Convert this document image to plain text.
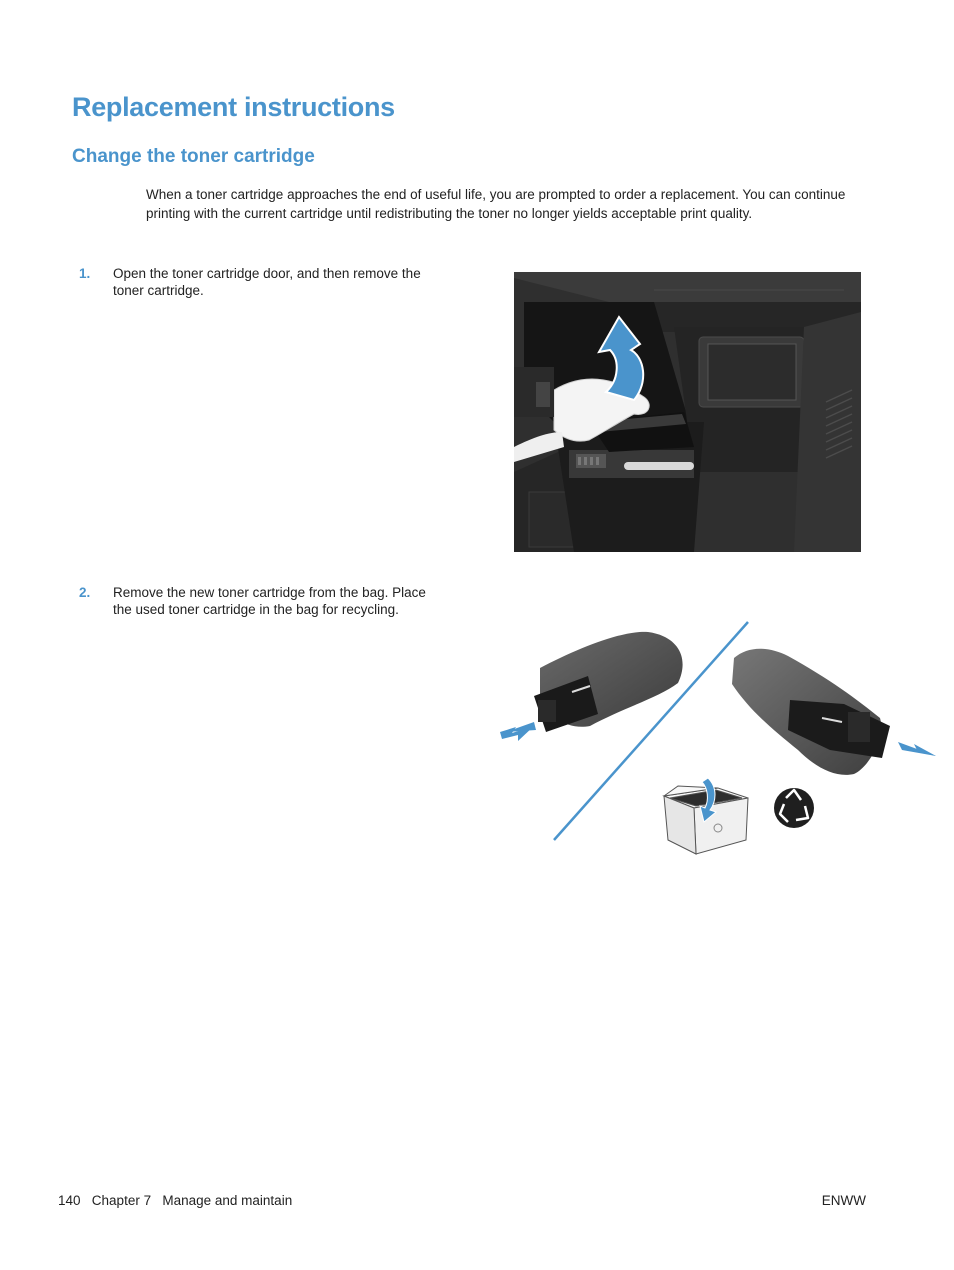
Replacement instructions
Change the toner cartridge

When a toner cartridge approaches the end of useful life, you are prompted to order a replacement. You can continue printing with the current cartridge until redistributing the toner no longer yields acceptable print quality.

1. Open the toner cartridge door, and then remove the toner cartridge.

2. Remove the new toner cartridge from the bag. Place the used toner cartridge in the bag for recycling.

140 Chapter 7 Manage and maintain	ENWW
